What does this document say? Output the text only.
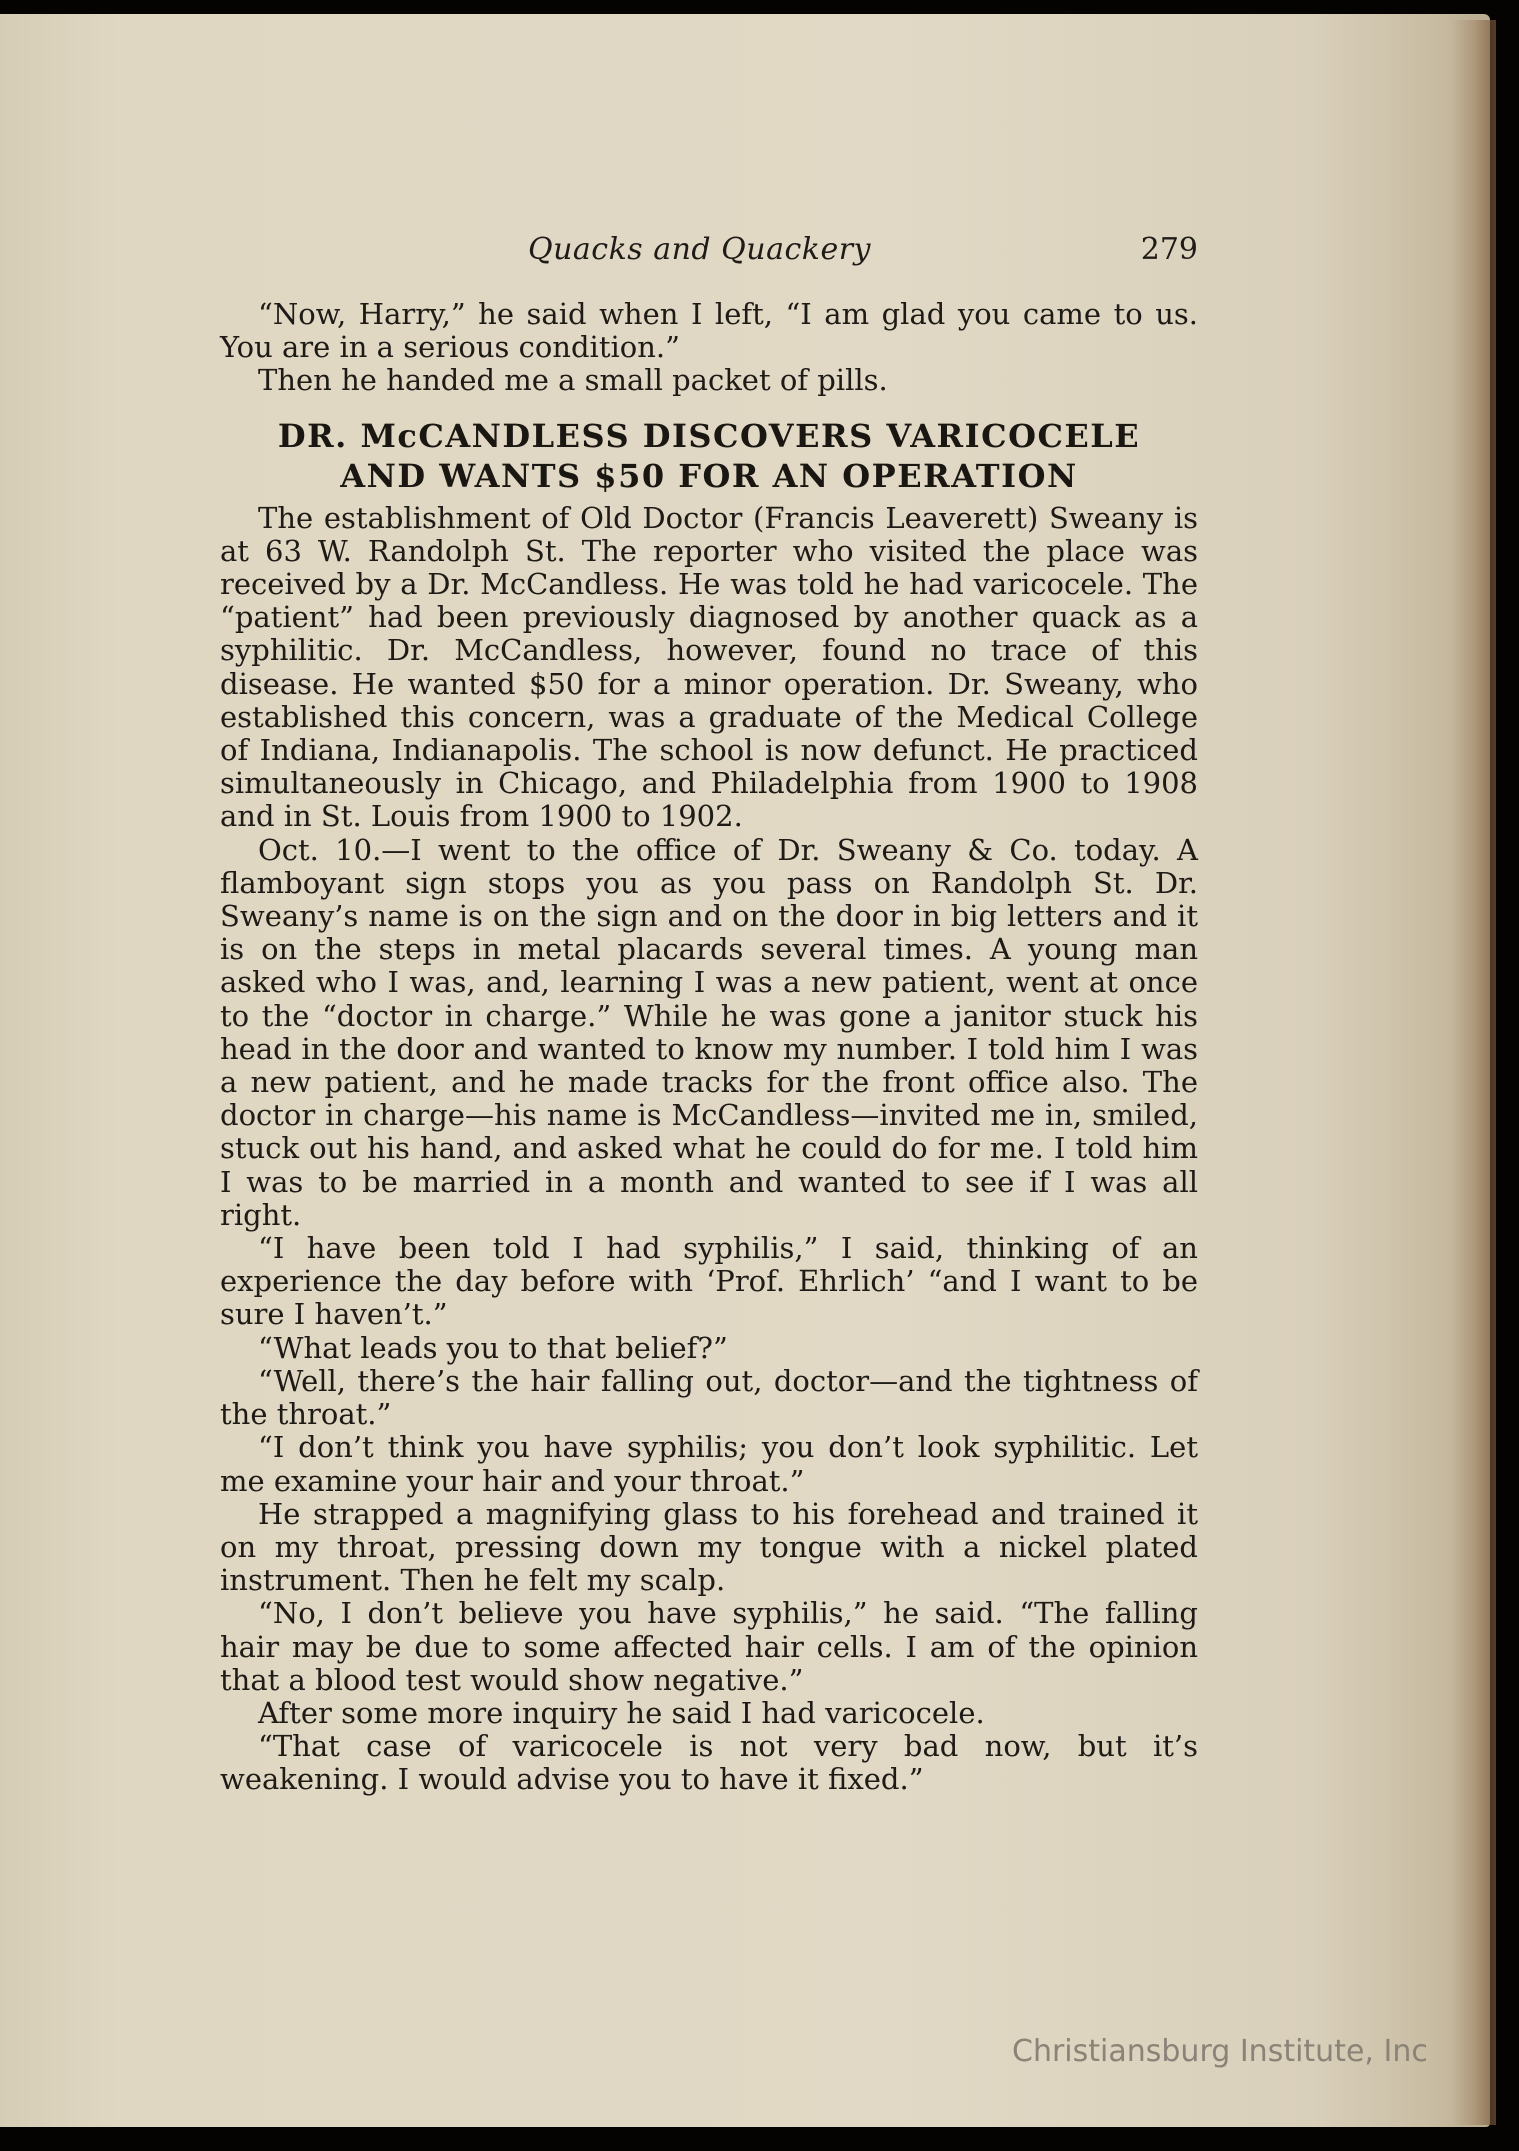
Quacks and Quackery	279

“Now, Harry,” he said when I left, “I am glad you came to us. You are in a serious condition.”

Then he handed me a small packet of pills.

DR. McCANDLESS DISCOVERS VARICOCELE
AND WANTS $50 FOR AN OPERATION

The establishment of Old Doctor (Francis Leaverett) Sweany is at 63 W. Randolph St. The reporter who visited the place was received by a Dr. McCandless. He was told he had varicocele. The “patient” had been previously diagnosed by another quack as a syphilitic. Dr. McCandless, however, found no trace of this disease. He wanted $50 for a minor operation. Dr. Sweany, who established this concern, was a graduate of the Medical College of Indiana, Indianapolis. The school is now defunct. He practiced simultaneously in Chicago, and Philadelphia from 1900 to 1908 and in St. Louis from 1900 to 1902.

Oct. 10.—I went to the office of Dr. Sweany & Co. today. A flamboyant sign stops you as you pass on Randolph St. Dr. Sweany’s name is on the sign and on the door in big letters and it is on the steps in metal placards several times. A young man asked who I was, and, learning I was a new patient, went at once to the “doctor in charge.” While he was gone a janitor stuck his head in the door and wanted to know my number. I told him I was a new patient, and he made tracks for the front office also. The doctor in charge—his name is McCandless—invited me in, smiled, stuck out his hand, and asked what he could do for me. I told him I was to be married in a month and wanted to see if I was all right.

“I have been told I had syphilis,” I said, thinking of an experience the day before with ‘Prof. Ehrlich’ “and I want to be sure I haven’t.”

“What leads you to that belief?”

“Well, there’s the hair falling out, doctor—and the tightness of the throat.”

“I don’t think you have syphilis; you don’t look syphilitic. Let me examine your hair and your throat.”

He strapped a magnifying glass to his forehead and trained it on my throat, pressing down my tongue with a nickel plated instrument. Then he felt my scalp.

“No, I don’t believe you have syphilis,” he said. “The falling hair may be due to some affected hair cells. I am of the opinion that a blood test would show negative.”

After some more inquiry he said I had varicocele.

“That case of varicocele is not very bad now, but it’s weakening. I would advise you to have it fixed.”

Christiansburg Institute, Inc
